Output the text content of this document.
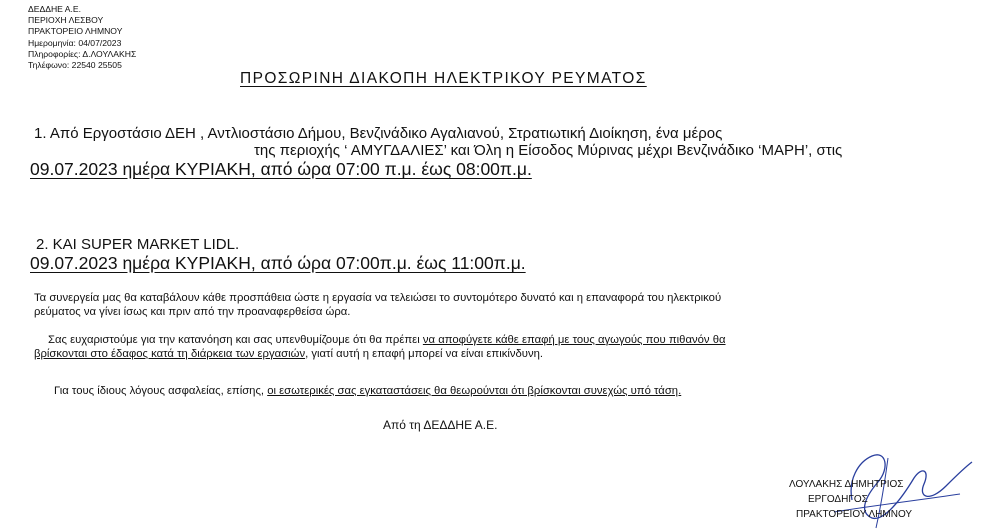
ΔΕΔΔΗΕ Α.Ε.
ΠΕΡΙΟΧΗ ΛΕΣΒΟΥ
ΠΡΑΚΤΟΡΕΙΟ ΛΗΜΝΟΥ
Ημερομηνία: 04/07/2023
Πληροφορίες: Δ.ΛΟΥΛΑΚΗΣ
Τηλέφωνο: 22540 25505
ΠΡΟΣΩΡΙΝΗ ΔΙΑΚΟΠΗ ΗΛΕΚΤΡΙΚΟΥ ΡΕΥΜΑΤΟΣ
1. Από Εργοστάσιο ΔΕΗ , Αντλιοστάσιο Δήμου, Βενζινάδικο Αγαλιανού, Στρατιωτική Διοίκηση, ένα μέρος
της περιοχής ‘ ΑΜΥΓΔΑΛΙΕΣ’ και Όλη η Είσοδος Μύρινας μέχρι Βενζινάδικο ‘ΜΑΡΗ’, στις
09.07.2023 ημέρα ΚΥΡΙΑΚΗ, από ώρα 07:00 π.μ. έως 08:00π.μ.
2. ΚΑΙ SUPER MARKET LIDL.
09.07.2023 ημέρα ΚΥΡΙΑΚΗ, από ώρα 07:00π.μ. έως 11:00π.μ.
Τα συνεργεία μας θα καταβάλουν κάθε προσπάθεια ώστε η εργασία να τελειώσει το συντομότερο δυνατό και η επαναφορά του ηλεκτρικού
ρεύματος να γίνει ίσως και πριν από την προαναφερθείσα ώρα.
Σας ευχαριστούμε για την κατανόηση και σας υπενθυμίζουμε ότι θα πρέπει να αποφύγετε κάθε επαφή με τους αγωγούς που πιθανόν θα
βρίσκονται στο έδαφος κατά τη διάρκεια των εργασιών, γιατί αυτή η επαφή μπορεί να είναι επικίνδυνη.
Για τους ίδιους λόγους ασφαλείας, επίσης, οι εσωτερικές σας εγκαταστάσεις θα θεωρούνται ότι βρίσκονται συνεχώς υπό τάση.
Από τη ΔΕΔΔΗΕ Α.Ε.
ΛΟΥΛΑΚΗΣ ΔΗΜΗΤΡΙΟΣ
ΕΡΓΟΔΗΓΟΣ
ΠΡΑΚΤΟΡΕΙΟΥ ΛΗΜΝΟΥ
